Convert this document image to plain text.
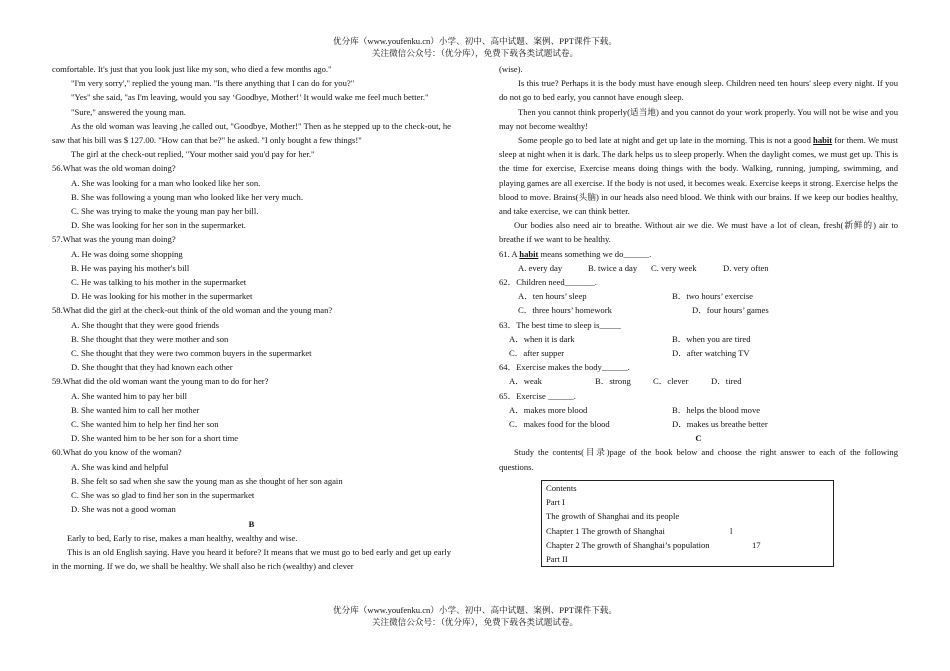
优分库（www.youfenku.cn）小学、初中、高中试题、案例、PPT课件下载。
关注微信公众号：（优分库），免费下载各类试题试卷。
comfortable. It's just that you look just like my son, who died a few months ago."
"I'm very sorry'," replied the young man. "Is there anything that I can do for you?"
"Yes" she said, "as I'm leaving, would you say ‘Goodbye, Mother!’ It would wake me feel much better."
"Sure," answered the young man.
As the old woman was leaving ,he called out, "Goodbye, Mother!" Then as he stepped up to the check-out, he saw that his bill was $ 127.00. "How can that be?" he asked. "I only bought a few things!"
The girl at the check-out replied, "Your mother said you'd pay for her."
56.What was the old woman doing?
A. She was looking for a man who looked like her son.
B. She was following a young man who looked like her very much.
C. She was trying to make the young man pay her bill.
D. She was looking for her son in the supermarket.
57.What was the young man doing?
A. He was doing some shopping
B. He was paying his mother's bill
C. He was talking to his mother in the supermarket
D. He was looking for his mother in the supermarket
58.What did the girl at the check-out think of the old woman and the young man?
A. She thought that they were good friends
B. She thought that they were mother and son
C. She thought that they were two common buyers in the supermarket
D. She thought that they had known each other
59.What did the old woman want the young man to do for her?
A. She wanted him to pay her bill
B. She wanted him to call her mother
C. She wanted him to help her find her son
D. She wanted him to be her son for a short time
60.What do you know of the woman?
A. She was kind and helpful
B. She felt so sad when she saw the young man as she thought of her son again
C. She was so glad to find her son in the supermarket
D. She was not a good woman
B
Early to bed, Early to rise, makes a man healthy, wealthy and wise.
This is an old English saying. Have you heard it before? It means that we must go to bed early and get up early in the morning. If we do, we shall be healthy. We shall also be rich (wealthy) and clever
(wise).
Is this true? Perhaps it is the body must have enough sleep. Children need ten hours' sleep every night. If you do not go to bed early, you cannot have enough sleep.
Then you cannot think properly(适当地) and you cannot do your work properly. You will not be wise and you may not become wealthy!
Some people go to bed late at night and get up late in the morning. This is not a good habit for them. We must sleep at night when it is dark. The dark helps us to sleep properly. When the daylight comes, we must get up. This is the time for exercise, Exercise means doing things with the body. Walking, running, jumping, swimming, and playing games are all exercise. If the body is not used, it becomes weak. Exercise keeps it strong. Exercise helps the blood to move. Brains(头脑) in our heads also need blood. We think with our brains. If we keep our bodies healthy, and take exercise, we can think better.
Our bodies also need air to breathe. Without air we die. We must have a lot of clean, fresh(新鲜的) air to breathe if we want to be healthy.
61. A habit means something we do______.
A. every day	B. twice a day	C. very week	D. very often
62．Children need_______.
A．ten hours’ sleep	B．two hours’ exercise
C．three hours’ homework	D．four hours’ games
63．The best time to sleep is_____
A．when it is dark	B．when you are tired
C．after supper	D．after watching TV
64．Exercise makes the body______.
A．weak	B．strong	C．clever	D．tired
65．Exercise ______.
A．makes more blood	B．helps the blood move
C．makes food for the blood	D．makes us breathe better
C
Study the contents(目录)page of the book below and choose the right answer to each of the following questions.
Contents
Part I
The growth of Shanghai and its people
Chapter 1 The growth of Shanghai	l
Chapter 2 The growth of Shanghai’s population	17
Part II
优分库（www.youfenku.cn）小学、初中、高中试题、案例、PPT课件下载。
关注微信公众号：（优分库），免费下载各类试题试卷。
